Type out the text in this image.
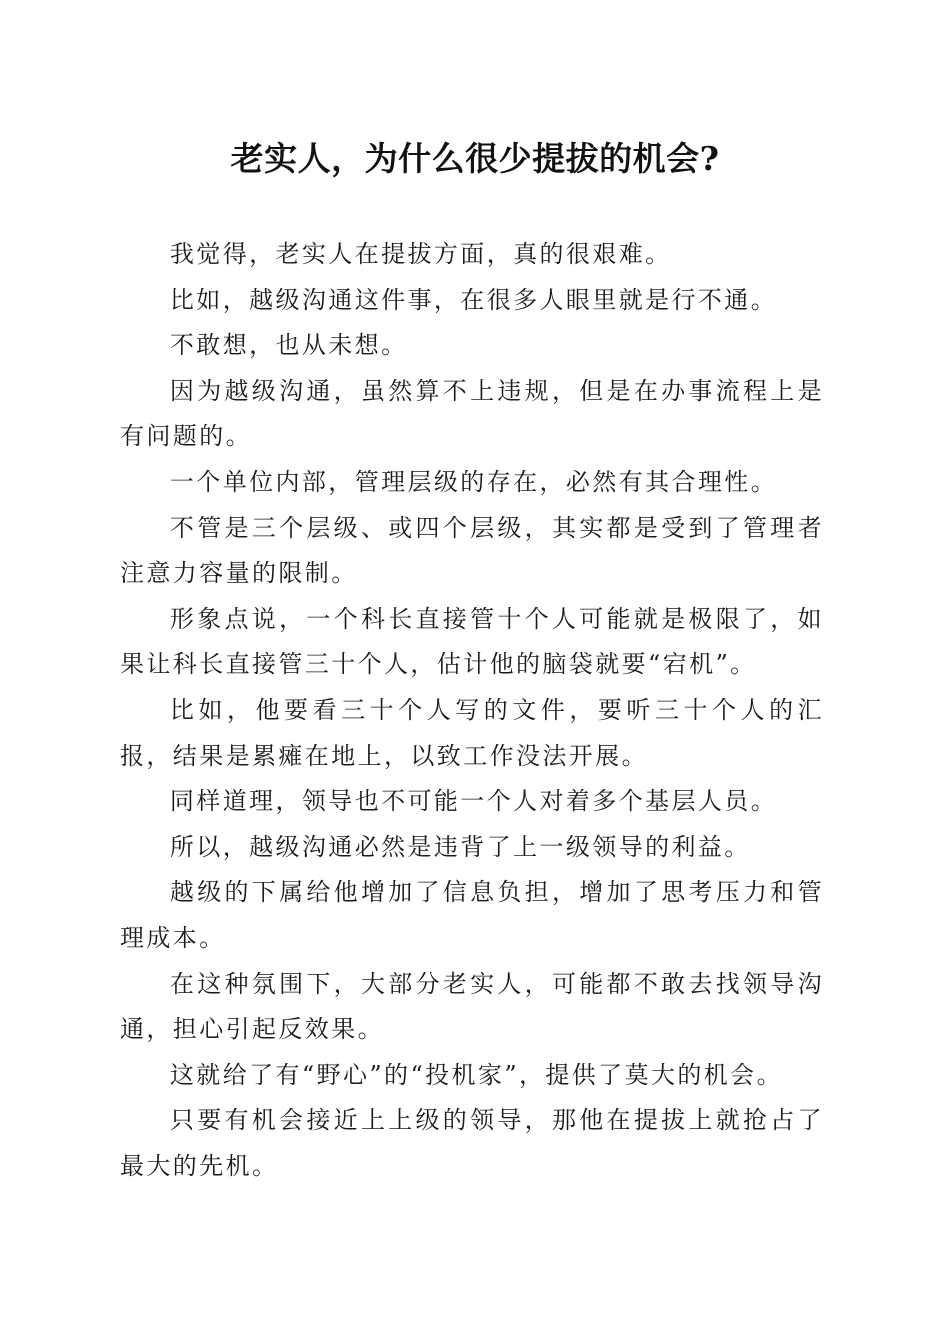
老实人，为什么很少提拔的机会?

我觉得，老实人在提拔方面，真的很艰难。

比如，越级沟通这件事，在很多人眼里就是行不通。

不敢想，也从未想。

因为越级沟通，虽然算不上违规，但是在办事流程上是有问题的。

一个单位内部，管理层级的存在，必然有其合理性。

不管是三个层级、或四个层级，其实都是受到了管理者注意力容量的限制。

形象点说，一个科长直接管十个人可能就是极限了，如果让科长直接管三十个人，估计他的脑袋就要“宕机”。

比如，他要看三十个人写的文件，要听三十个人的汇报，结果是累瘫在地上，以致工作没法开展。

同样道理，领导也不可能一个人对着多个基层人员。

所以，越级沟通必然是违背了上一级领导的利益。

越级的下属给他增加了信息负担，增加了思考压力和管理成本。

在这种氛围下，大部分老实人，可能都不敢去找领导沟通，担心引起反效果。

这就给了有“野心”的“投机家”，提供了莫大的机会。

只要有机会接近上上级的领导，那他在提拔上就抢占了最大的先机。
